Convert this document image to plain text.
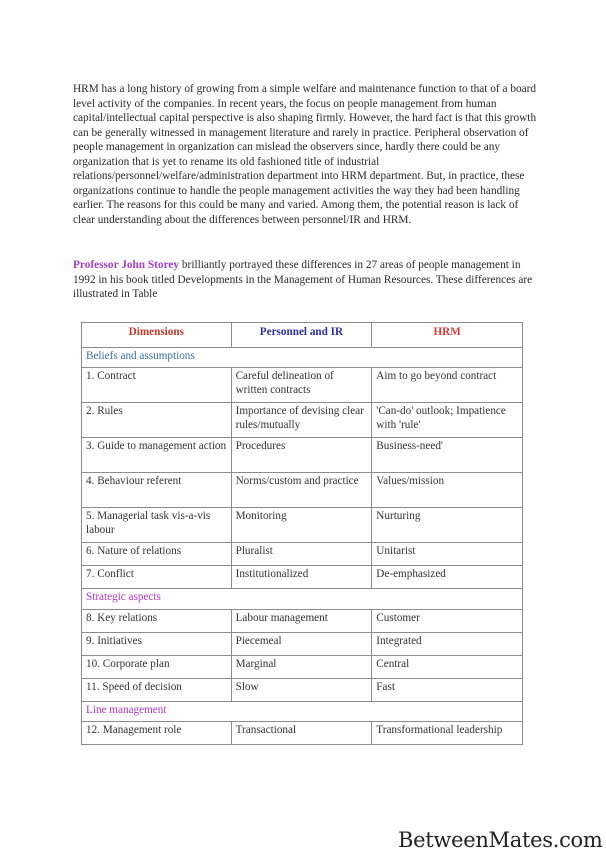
HRM has a long history of growing from a simple welfare and maintenance function to that of a board level activity of the companies. In recent years, the focus on people management from human capital/intellectual capital perspective is also shaping firmly. However, the hard fact is that this growth can be generally witnessed in management literature and rarely in practice. Peripheral observation of people management in organization can mislead the observers since, hardly there could be any organization that is yet to rename its old fashioned title of industrial relations/personnel/welfare/administration department into HRM department. But, in practice, these organizations continue to handle the people management activities the way they had been handling earlier. The reasons for this could be many and varied. Among them, the potential reason is lack of clear understanding about the differences between personnel/IR and HRM.

Professor John Storey brilliantly portrayed these differences in 27 areas of people management in 1992 in his book titled Developments in the Management of Human Resources. These differences are illustrated in Table

Dimensions	Personnel and IR	HRM
Beliefs and assumptions		
1. Contract	Careful delineation of written contracts	Aim to go beyond contract
2. Rules	Importance of devising clear rules/mutually	'Can-do' outlook; Impatience with 'rule'
3. Guide to management action	Procedures	Business-need'
4. Behaviour referent	Norms/custom and practice	Values/mission
5. Managerial task vis-a-vis labour	Monitoring	Nurturing
6. Nature of relations	Pluralist	Unitarist
7. Conflict	Institutionalized	De-emphasized
Strategic aspects		
8. Key relations	Labour management	Customer
9. Initiatives	Piecemeal	Integrated
10. Corporate plan	Marginal	Central
11. Speed of decision	Slow	Fast
Line management		
12. Management role	Transactional	Transformational leadership
BetweenMates.com
